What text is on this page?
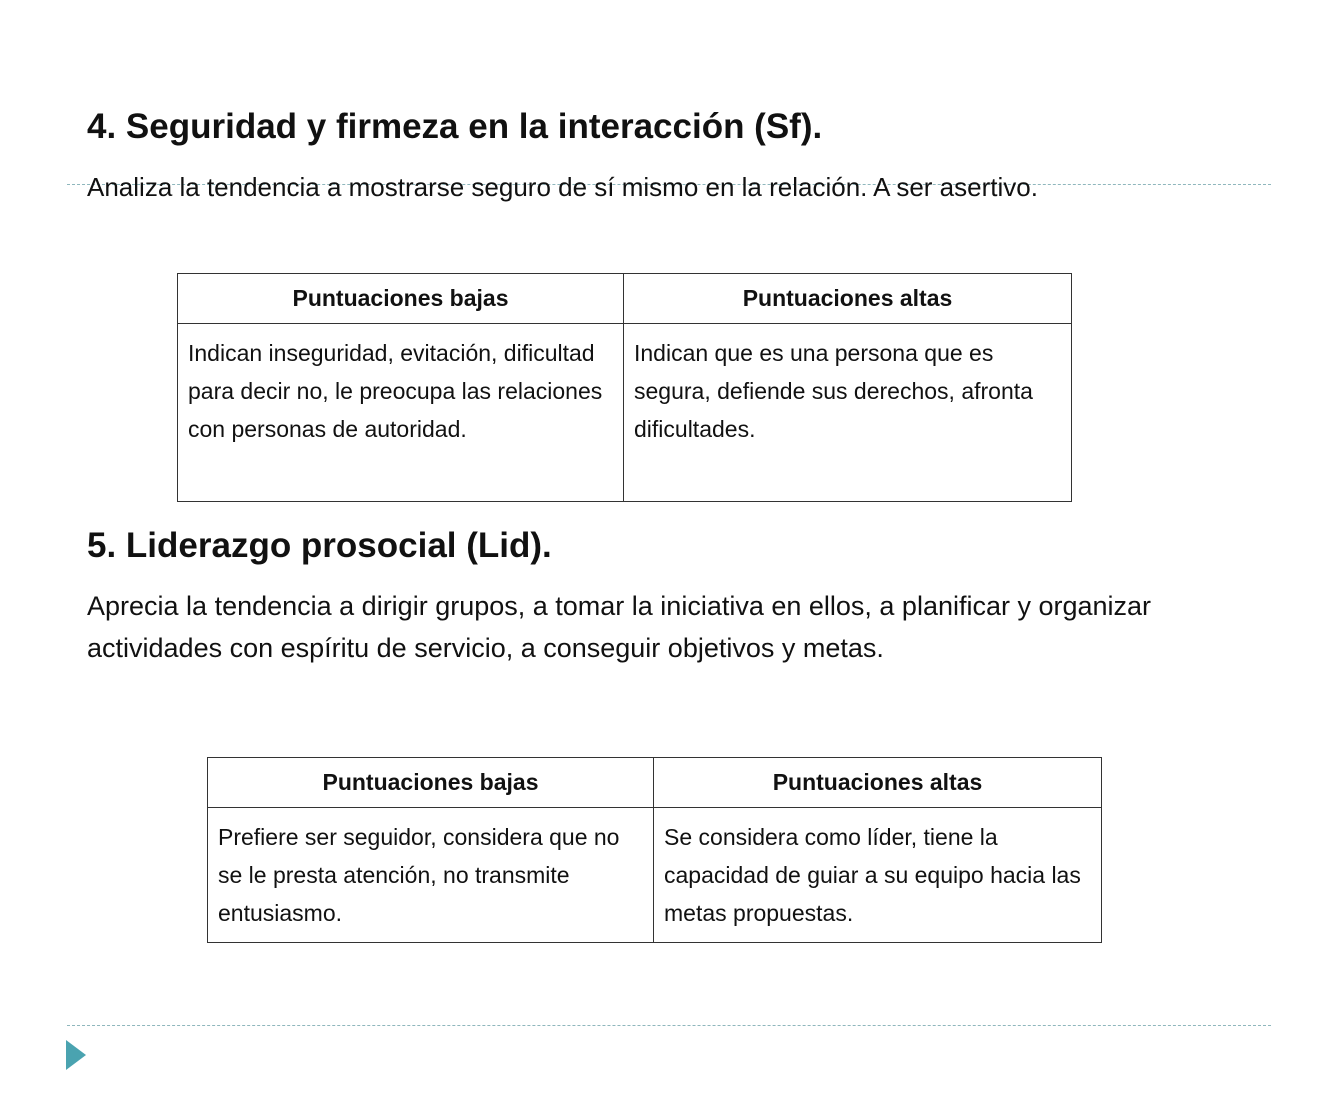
4. Seguridad y firmeza en la interacción (Sf).

Analiza la tendencia a mostrarse seguro de sí mismo en la relación. A ser asertivo.

Puntuaciones bajas	Puntuaciones altas
Indican inseguridad, evitación, dificultad para decir no, le preocupa las relaciones con personas de autoridad.	Indican que es una persona que es segura, defiende sus derechos, afronta dificultades.
5. Liderazgo prosocial (Lid).

Aprecia la tendencia a dirigir grupos, a tomar la iniciativa en ellos, a planificar y organizar actividades con espíritu de servicio, a conseguir objetivos y metas.

Puntuaciones bajas	Puntuaciones altas
Prefiere ser seguidor, considera que no se le presta atención, no transmite entusiasmo.	Se considera como líder, tiene la capacidad de guiar a su equipo hacia las metas propuestas.
